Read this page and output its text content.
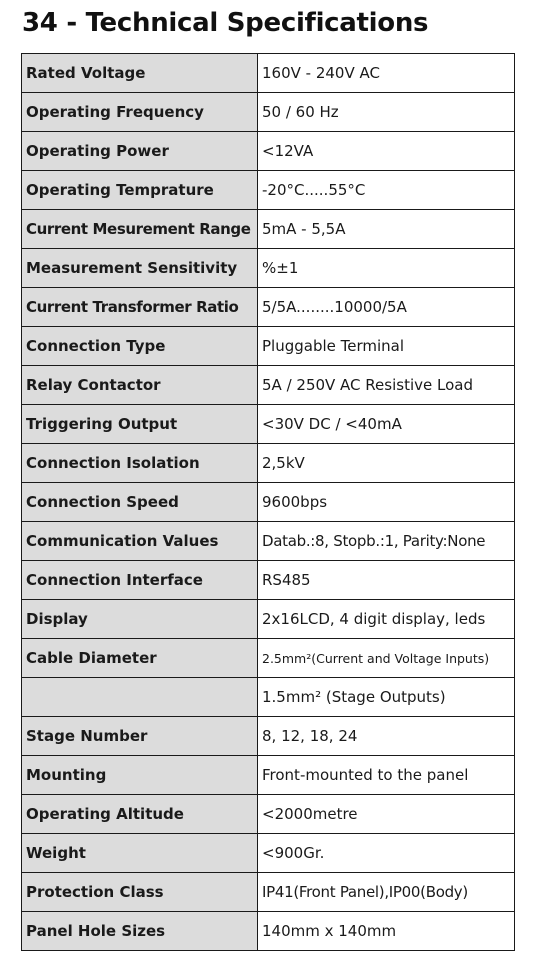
34 - Technical Specifications
Rated Voltage	160V - 240V AC
Operating Frequency	50 / 60 Hz
Operating Power	<12VA
Operating Temprature	-20°C.....55°C
Current Mesurement Range	5mA - 5,5A
Measurement Sensitivity	%±1
Current Transformer Ratio	5/5A........10000/5A
Connection Type	Pluggable Terminal
Relay Contactor	5A / 250V AC Resistive Load
Triggering Output	<30V DC / <40mA
Connection Isolation	2,5kV
Connection Speed	9600bps
Communication Values	Datab.:8, Stopb.:1, Parity:None
Connection Interface	RS485
Display	2x16LCD, 4 digit display, leds
Cable Diameter	2.5mm²(Current and Voltage Inputs)
	1.5mm² (Stage Outputs)
Stage Number	8, 12, 18, 24
Mounting	Front-mounted to the panel
Operating Altitude	<2000metre
Weight	<900Gr.
Protection Class	IP41(Front Panel),IP00(Body)
Panel Hole Sizes	140mm x 140mm
